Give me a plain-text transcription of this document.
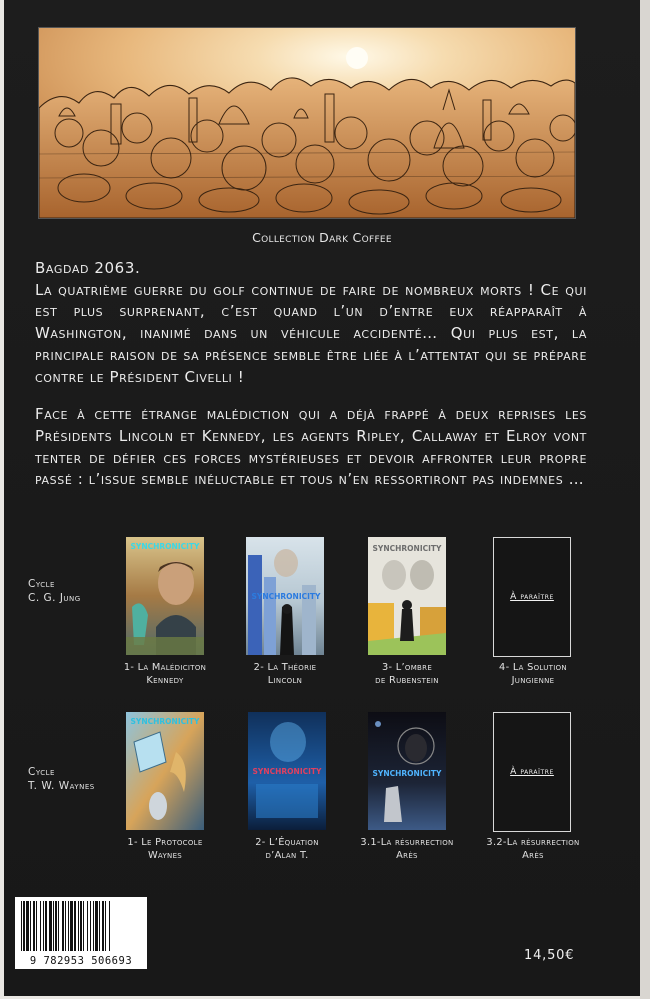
Collection Dark Coffee

Bagdad 2063.

La quatrième guerre du golf continue de faire de nombreux morts ! Ce qui est plus surprenant, c’est quand l’un d’entre eux réapparaît à Washington, inanimé dans un véhicule accidenté… Qui plus est, la principale raison de sa présence semble être liée à l’attentat qui se prépare contre le Président Civelli !

Face à cette étrange malédiction qui a déjà frappé à deux reprises les Présidents Lincoln et Kennedy, les agents Ripley, Callaway et Elroy vont tenter de défier ces forces mystérieuses et devoir affronter leur propre passé : l’issue semble inéluctable et tous n’en ressortiront pas indemnes …

Cycle
C. G. Jung
SYNCHRONICITY
1- La Malédiciton
Kennedy
SYNCHRONICITY
2- La Théorie
Lincoln
SYNCHRONICITY
3- L’ombre
de Rubenstein
À paraître
4- La Solution
Jungienne
Cycle
T. W. Waynes
SYNCHRONICITY
1- Le Protocole
Waynes
SYNCHRONICITY
2- L’Équation
d’Alan T.
SYNCHRONICITY
3.1-La résurrection
Arès
À paraître
3.2-La résurrection
Arès
9 782953 506693	14,50€
